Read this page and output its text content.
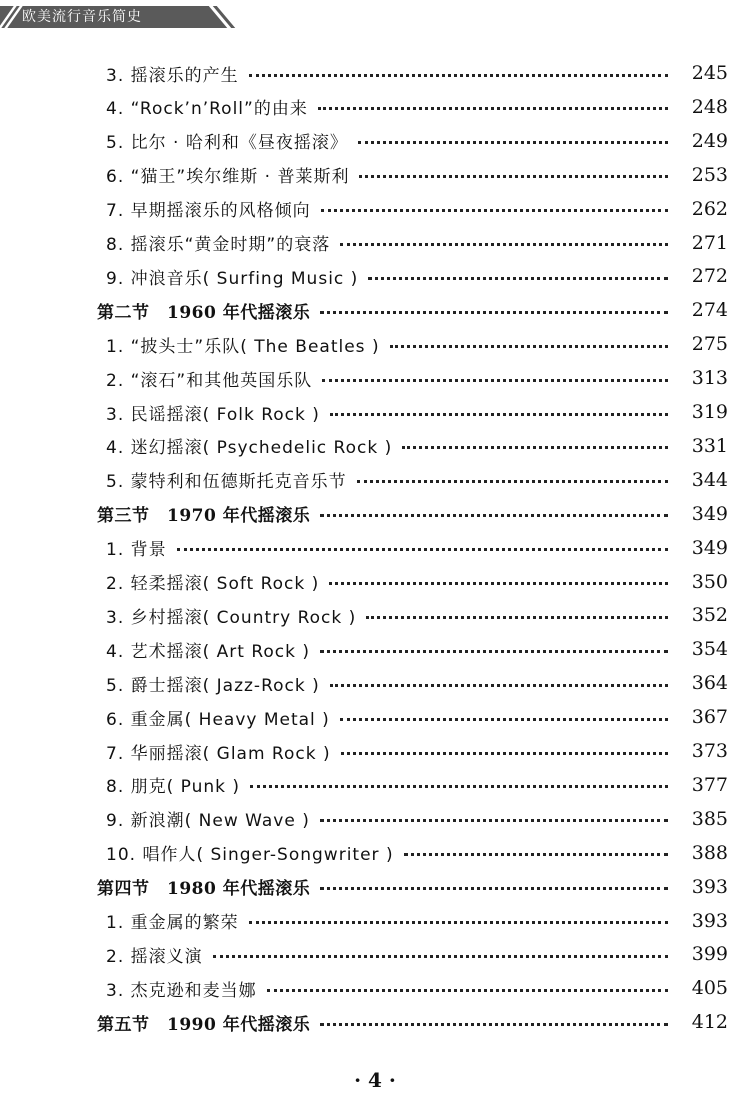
欧美流行音乐简史
3. 摇滚乐的产生	245
4. “Rock’n’Roll”的由来	248
5. 比尔 · 哈利和《昼夜摇滚》	249
6. “猫王”埃尔维斯 · 普莱斯利	253
7. 早期摇滚乐的风格倾向	262
8. 摇滚乐“黄金时期”的衰落	271
9. 冲浪音乐( Surfing Music )	272
第二节　1960 年代摇滚乐	274
1. “披头士”乐队( The Beatles )	275
2. “滚石”和其他英国乐队	313
3. 民谣摇滚( Folk Rock )	319
4. 迷幻摇滚( Psychedelic Rock )	331
5. 蒙特利和伍德斯托克音乐节	344
第三节　1970 年代摇滚乐	349
1. 背景	349
2. 轻柔摇滚( Soft Rock )	350
3. 乡村摇滚( Country Rock )	352
4. 艺术摇滚( Art Rock )	354
5. 爵士摇滚( Jazz-Rock )	364
6. 重金属( Heavy Metal )	367
7. 华丽摇滚( Glam Rock )	373
8. 朋克( Punk )	377
9. 新浪潮( New Wave )	385
10. 唱作人( Singer-Songwriter )	388
第四节　1980 年代摇滚乐	393
1. 重金属的繁荣	393
2. 摇滚义演	399
3. 杰克逊和麦当娜	405
第五节　1990 年代摇滚乐	412
· 4 ·
